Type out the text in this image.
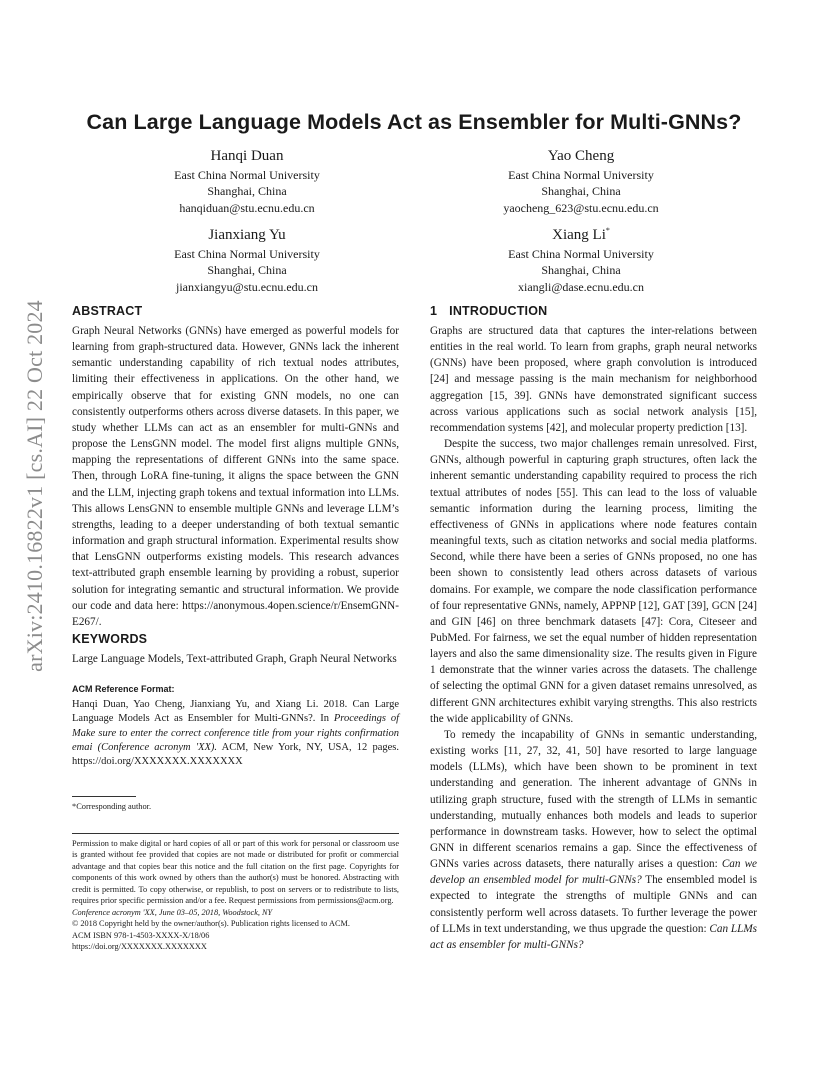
arXiv:2410.16822v1 [cs.AI] 22 Oct 2024
Can Large Language Models Act as Ensembler for Multi-GNNs?
Hanqi Duan
East China Normal University
Shanghai, China
hanqiduan@stu.ecnu.edu.cn
Yao Cheng
East China Normal University
Shanghai, China
yaocheng_623@stu.ecnu.edu.cn
Jianxiang Yu
East China Normal University
Shanghai, China
jianxiangyu@stu.ecnu.edu.cn
Xiang Li*
East China Normal University
Shanghai, China
xiangli@dase.ecnu.edu.cn
ABSTRACT
Graph Neural Networks (GNNs) have emerged as powerful models for learning from graph-structured data. However, GNNs lack the inherent semantic understanding capability of rich textual nodes attributes, limiting their effectiveness in applications. On the other hand, we empirically observe that for existing GNN models, no one can consistently outperforms others across diverse datasets. In this paper, we study whether LLMs can act as an ensembler for multi-GNNs and propose the LensGNN model. The model first aligns multiple GNNs, mapping the representations of different GNNs into the same space. Then, through LoRA fine-tuning, it aligns the space between the GNN and the LLM, injecting graph tokens and textual information into LLMs. This allows LensGNN to ensemble multiple GNNs and leverage LLM’s strengths, leading to a deeper understanding of both textual semantic information and graph structural information. Experimental results show that LensGNN outperforms existing models. This research advances text-attributed graph ensemble learning by providing a robust, superior solution for integrating semantic and structural information. We provide our code and data here: https://anonymous.4open.science/r/EnsemGNN-E267/.
KEYWORDS
Large Language Models, Text-attributed Graph, Graph Neural Networks
ACM Reference Format:
Hanqi Duan, Yao Cheng, Jianxiang Yu, and Xiang Li. 2018. Can Large Language Models Act as Ensembler for Multi-GNNs?. In Proceedings of Make sure to enter the correct conference title from your rights confirmation emai (Conference acronym 'XX). ACM, New York, NY, USA, 12 pages. https://doi.org/XXXXXXX.XXXXXXX
*Corresponding author.
Permission to make digital or hard copies of all or part of this work for personal or classroom use is granted without fee provided that copies are not made or distributed for profit or commercial advantage and that copies bear this notice and the full citation on the first page. Copyrights for components of this work owned by others than the author(s) must be honored. Abstracting with credit is permitted. To copy otherwise, or republish, to post on servers or to redistribute to lists, requires prior specific permission and/or a fee. Request permissions from permissions@acm.org.
Conference acronym 'XX, June 03–05, 2018, Woodstock, NY
© 2018 Copyright held by the owner/author(s). Publication rights licensed to ACM.
ACM ISBN 978-1-4503-XXXX-X/18/06
https://doi.org/XXXXXXX.XXXXXXX
1 INTRODUCTION

Graphs are structured data that captures the inter-relations between entities in the real world. To learn from graphs, graph neural networks (GNNs) have been proposed, where graph convolution is introduced [24] and message passing is the main mechanism for neighborhood aggregation [15, 39]. GNNs have demonstrated significant success across various applications such as social network analysis [15], recommendation systems [42], and molecular property prediction [13].

Despite the success, two major challenges remain unresolved. First, GNNs, although powerful in capturing graph structures, often lack the inherent semantic understanding capability required to process the rich textual attributes of nodes [55]. This can lead to the loss of valuable semantic information during the learning process, limiting the effectiveness of GNNs in applications where node features contain meaningful texts, such as citation networks and social media platforms. Second, while there have been a series of GNNs proposed, no one has been shown to consistently lead others across datasets of various domains. For example, we compare the node classification performance of four representative GNNs, namely, APPNP [12], GAT [39], GCN [24] and GIN [46] on three benchmark datasets [47]: Cora, Citeseer and PubMed. For fairness, we set the equal number of hidden representation layers and also the same dimensionality size. The results given in Figure 1 demonstrate that the winner varies across the datasets. The challenge of selecting the optimal GNN for a given dataset remains unresolved, as different GNN architectures exhibit varying strengths. This also restricts the wide applicability of GNNs.

To remedy the incapability of GNNs in semantic understanding, existing works [11, 27, 32, 41, 50] have resorted to large language models (LLMs), which have been shown to be prominent in text understanding and generation. The inherent advantage of GNNs in utilizing graph structure, fused with the strength of LLMs in semantic understanding, mutually enhances both models and leads to superior performance in downstream tasks. However, how to select the optimal GNN in different scenarios remains a gap. Since the effectiveness of GNNs varies across datasets, there naturally arises a question: Can we develop an ensembled model for multi-GNNs? The ensembled model is expected to integrate the strengths of multiple GNNs and can consistently perform well across datasets. To further leverage the power of LLMs in text understanding, we thus upgrade the question: Can LLMs act as ensembler for multi-GNNs?
